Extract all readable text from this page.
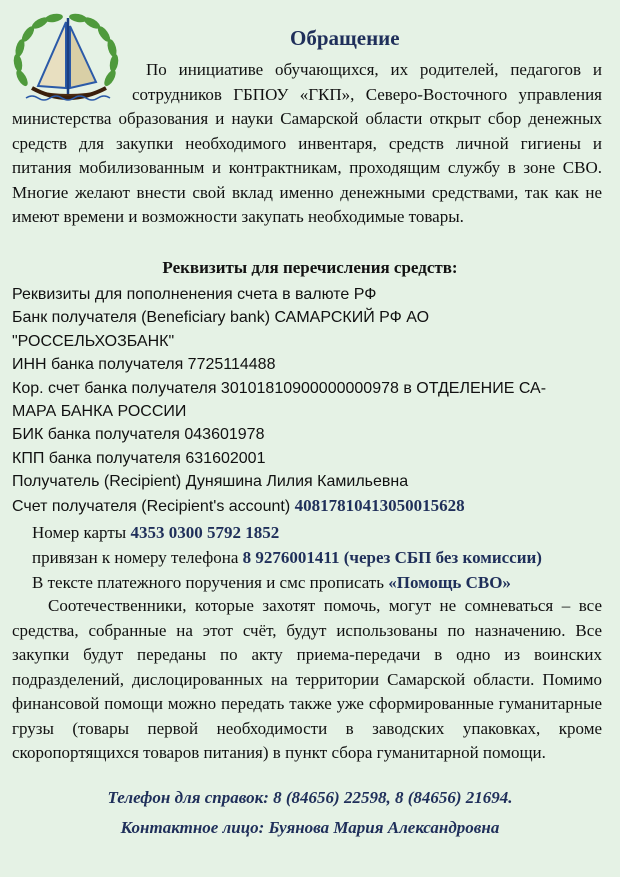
Обращение
По инициативе обучающихся, их родителей, педагогов и сотрудников ГБПОУ «ГКП», Северо-Восточного управления министерства образования и науки Самарской области открыт сбор денежных средств для закупки необходимого инвентаря, средств личной гигиены и питания мобилизованным и контрактникам, проходящим службу в зоне СВО. Многие желают внести свой вклад именно денежными средствами, так как не имеют времени и возможности закупать необходимые товары.
Реквизиты для перечисления средств:
Реквизиты для пополненения счета в валюте РФ
Банк получателя (Beneficiary bank) САМАРСКИЙ РФ АО
"РОССЕЛЬХОЗБАНК"
ИНН банка получателя 7725114488
Кор. счет банка получателя 30101810900000000978 в ОТДЕЛЕНИЕ СА-
МАРА БАНКА РОССИИ
БИК банка получателя 043601978
КПП банка получателя 631602001
Получатель (Recipient) Дуняшина Лилия Камильевна
Счет получателя (Recipient's account) 40817810413050015628
Номер карты 4353 0300 5792 1852
привязан к номеру телефона 8 9276001411 (через СБП без комиссии)
В тексте платежного поручения и смс прописать «Помощь СВО»
Соотечественники, которые захотят помочь, могут не сомневаться – все средства, собранные на этот счёт, будут использованы по назначению. Все закупки будут переданы по акту приема-передачи в одно из воинских подразделений, дислоцированных на территории Самарской области. Помимо финансовой помощи можно передать также уже сформированные гуманитарные грузы (товары первой необходимости в заводских упаковках, кроме скоропортящихся товаров питания) в пункт сбора гуманитарной помощи.
Телефон для справок: 8 (84656) 22598, 8 (84656) 21694.
Контактное лицо: Буянова Мария Александровна
